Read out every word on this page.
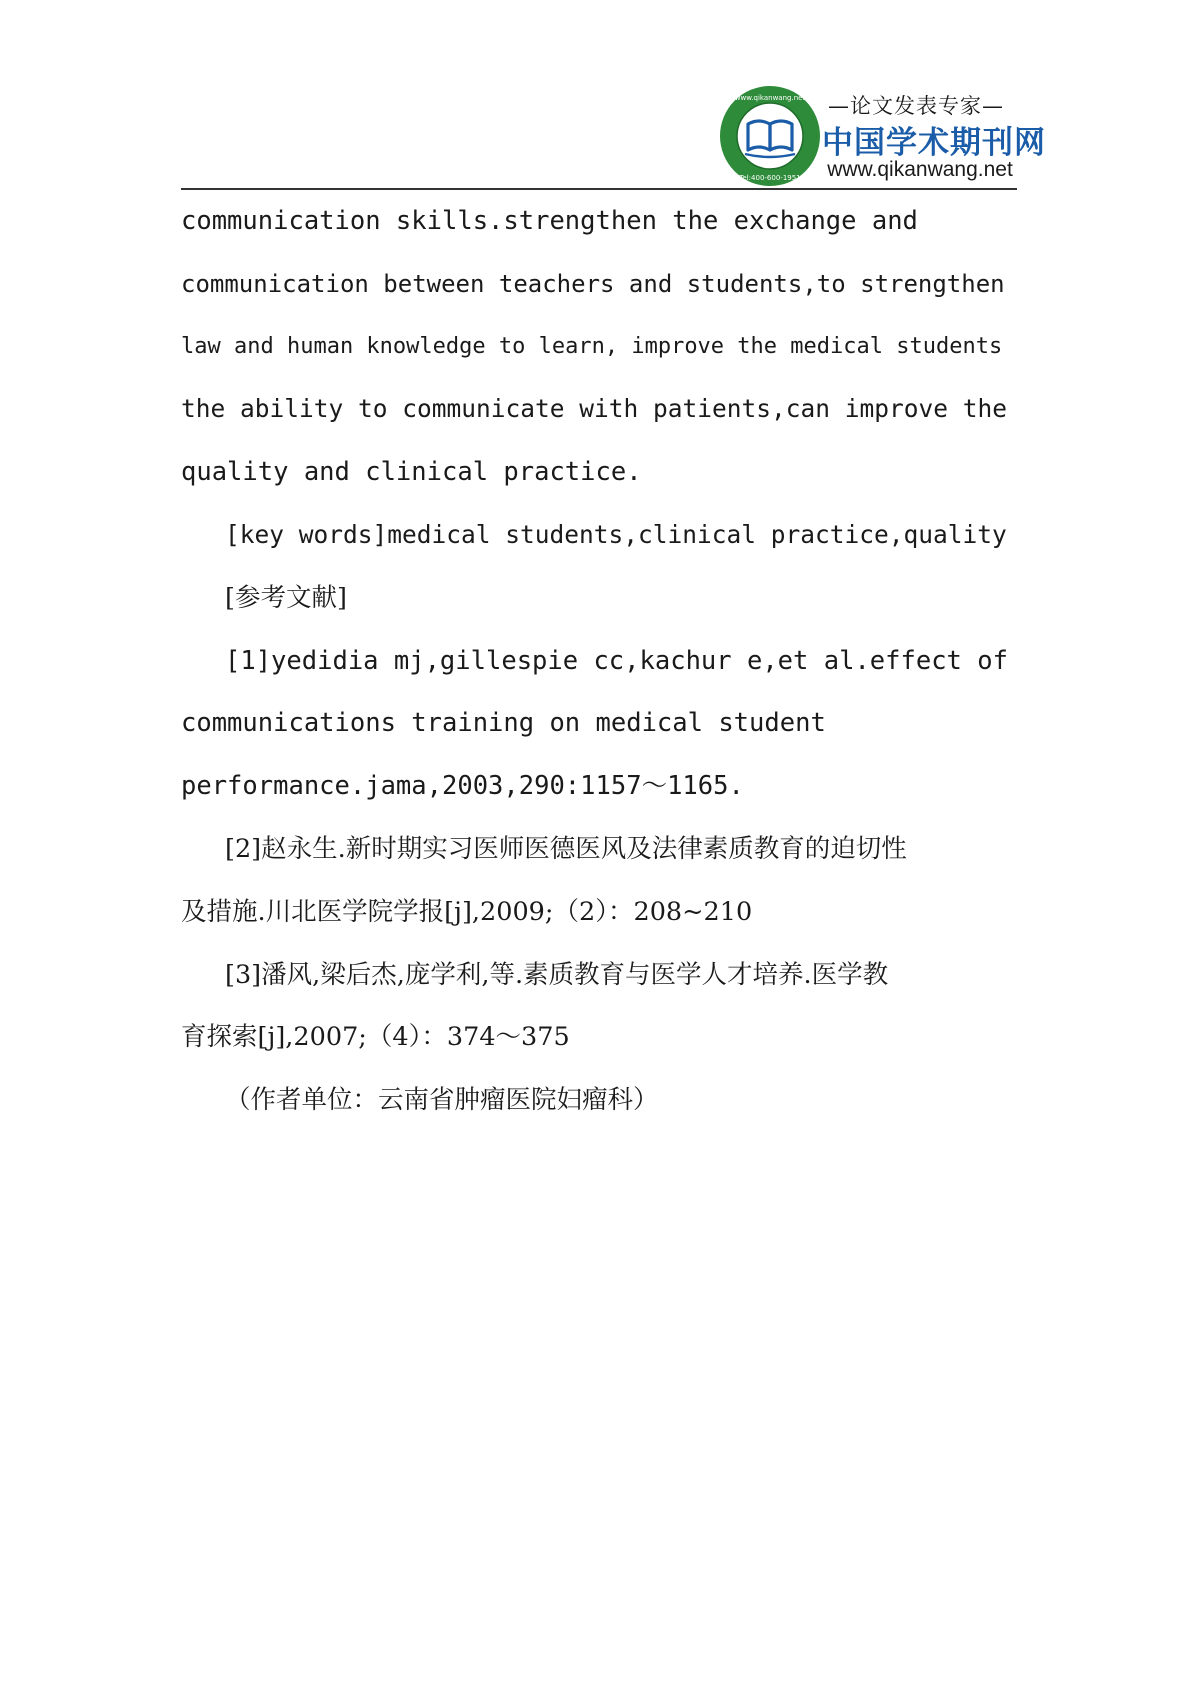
www.qikanwang.net
Tel:400-600-1951
—论文发表专家—
中国学术期刊网
www.qikanwang.net
communication skills.strengthen the exchange and
communication between teachers and students,to strengthen
law and human knowledge to learn, improve the medical students
the ability to communicate with patients,can improve the
quality and clinical practice.
[key words]medical students,clinical practice,quality
[参考文献]
[1]yedidia mj,gillespie cc,kachur e,et al.effect of
communications training on medical student
performance.jama,2003,290:1157～1165.
[2]赵永生.新时期实习医师医德医风及法律素质教育的迫切性
及措施.川北医学院学报[j],2009;（2）：208~210
[3]潘风,梁后杰,庞学利,等.素质教育与医学人才培养.医学教
育探索[j],2007;（4）：374～375
（作者单位：云南省肿瘤医院妇瘤科）
